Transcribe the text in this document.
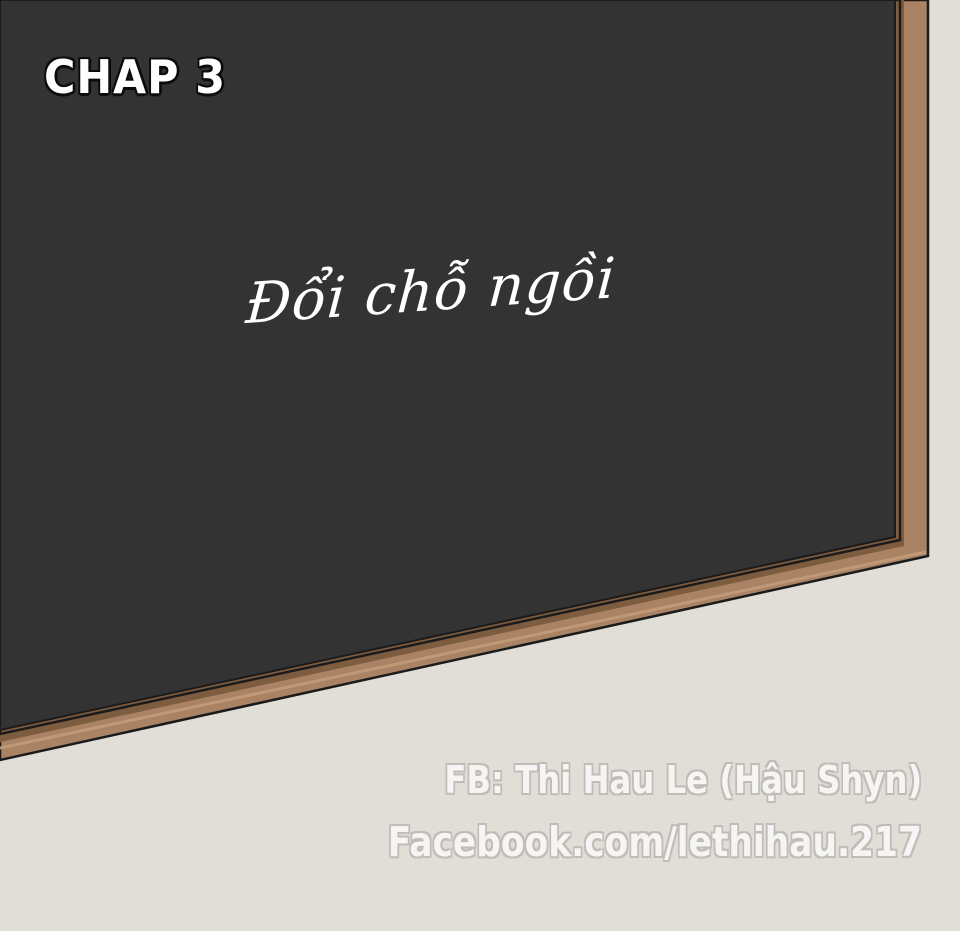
CHAP 3
Đổi chỗ ngồi
FB: Thi Hau Le (Hậu Shyn)
Facebook.com/lethihau.217
